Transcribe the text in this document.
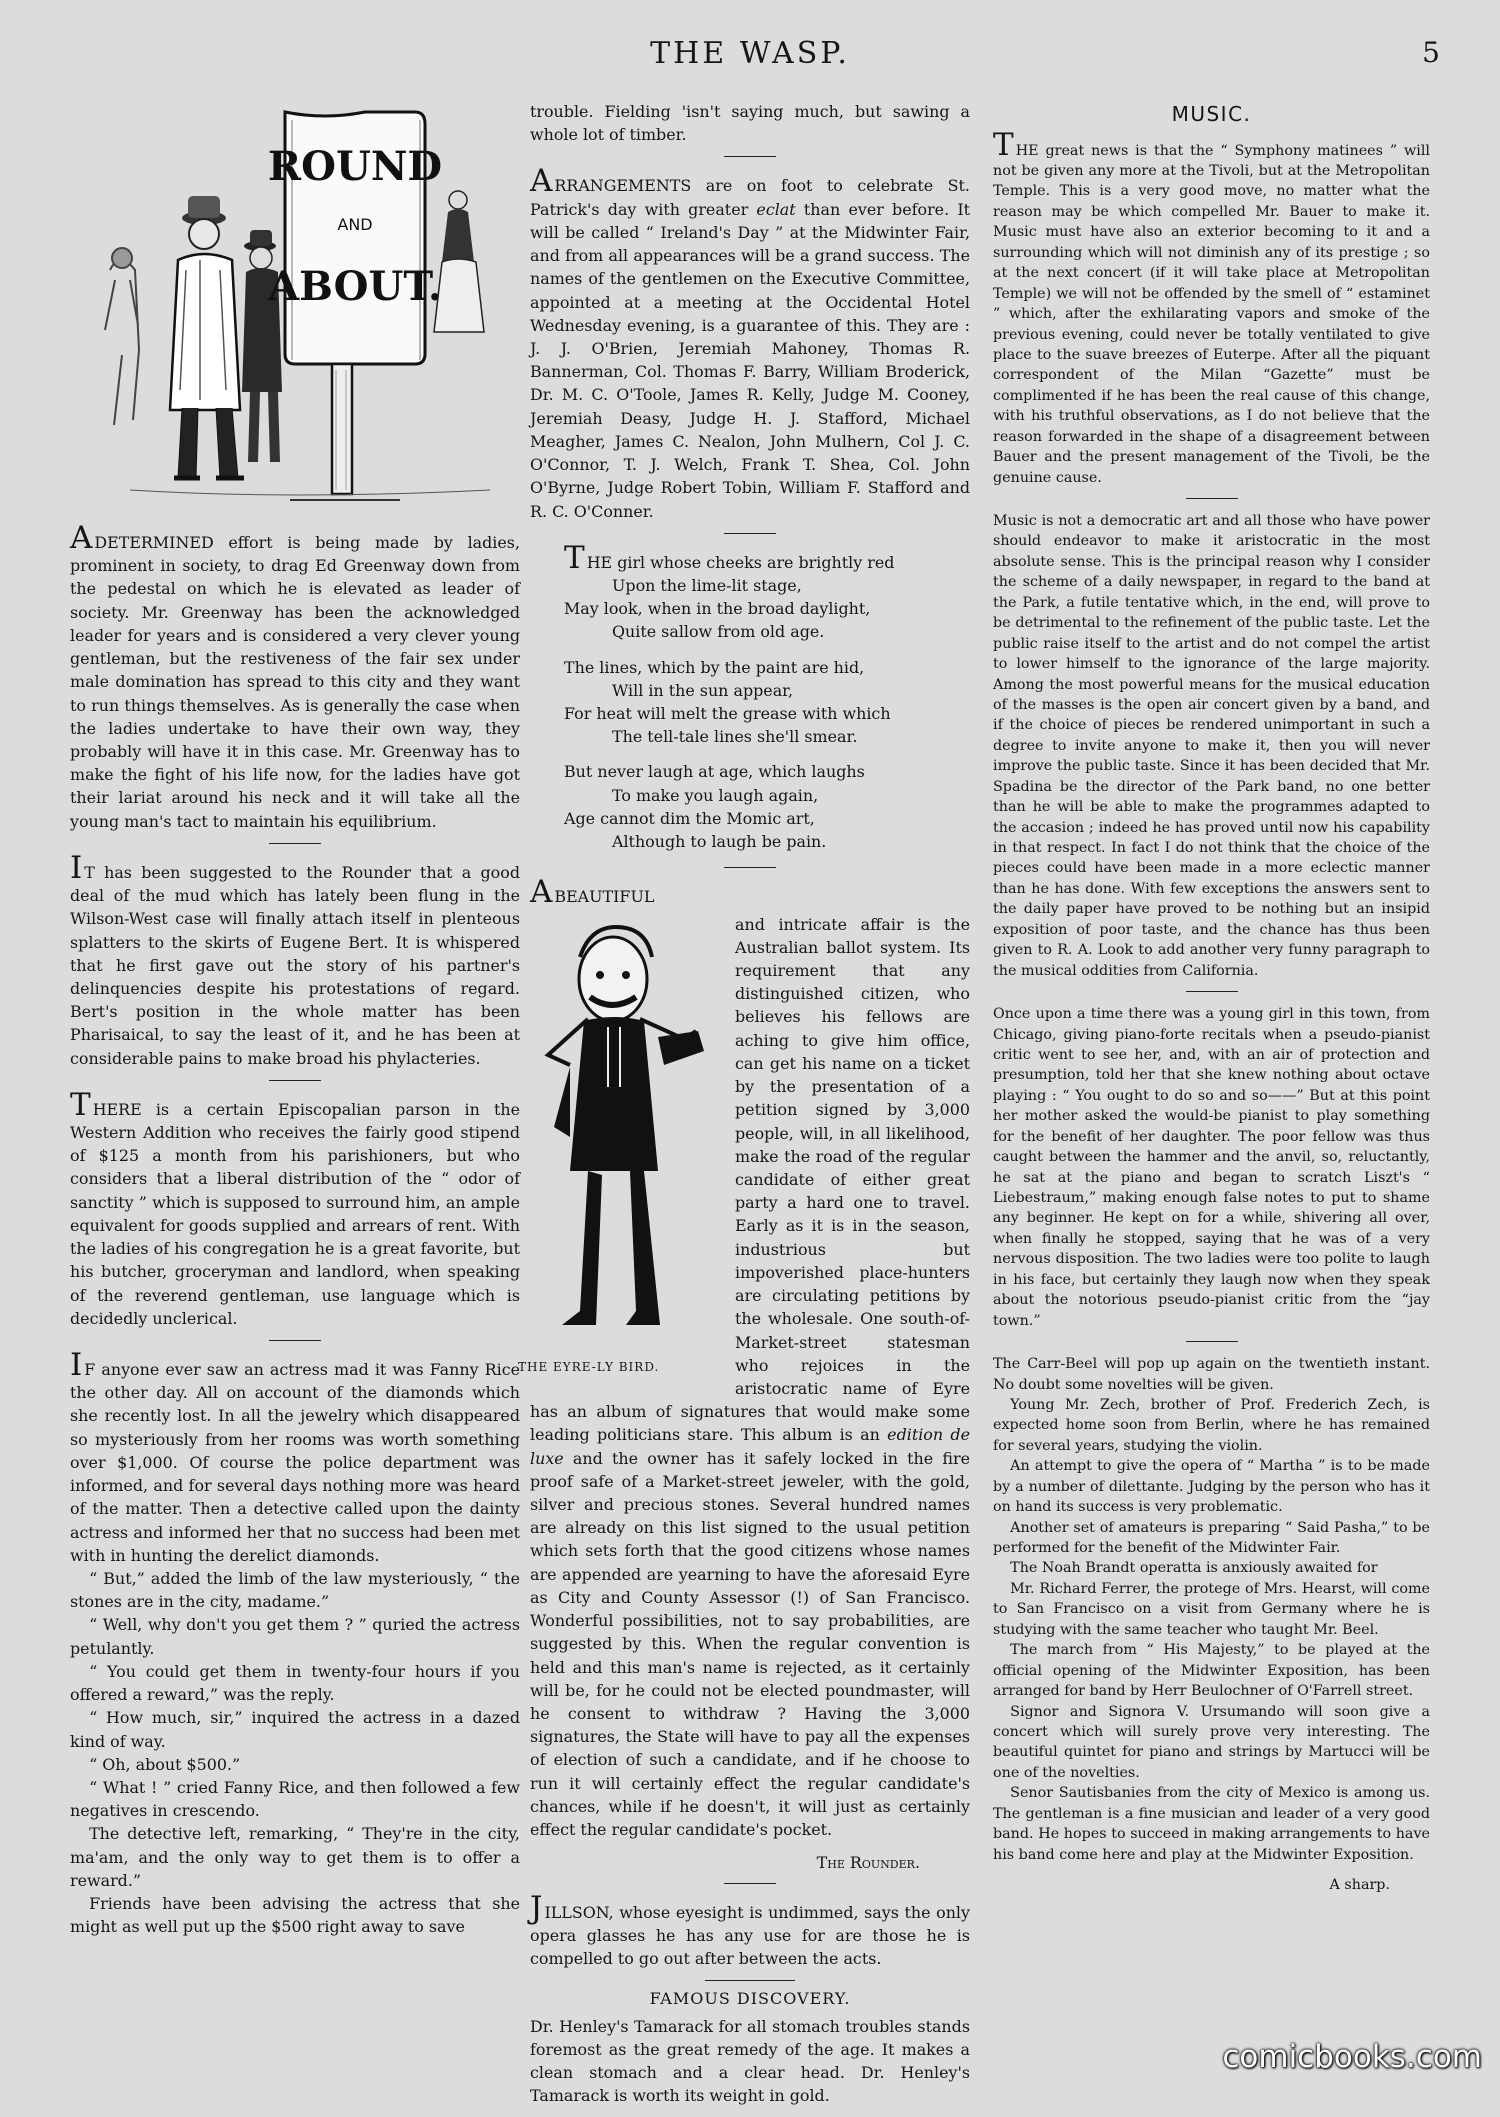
THE WASP.	5
ROUND
AND
ABOUT.

ADETERMINED effort is being made by ladies, prominent in society, to drag Ed Greenway down from the pedestal on which he is elevated as leader of society. Mr. Greenway has been the acknowledged leader for years and is considered a very clever young gentleman, but the restiveness of the fair sex under male domination has spread to this city and they want to run things themselves. As is generally the case when the ladies undertake to have their own way, they probably will have it in this case. Mr. Greenway has to make the fight of his life now, for the ladies have got their lariat around his neck and it will take all the young man's tact to maintain his equilibrium.

I T has been suggested to the Rounder that a good deal of the mud which has lately been flung in the Wilson-West case will finally attach itself in plenteous splatters to the skirts of Eugene Bert. It is whispered that he first gave out the story of his partner's delinquencies despite his protestations of regard. Bert's position in the whole matter has been Pharisaical, to say the least of it, and he has been at considerable pains to make broad his phylacteries.

THERE is a certain Episcopalian parson in the Western Addition who receives the fairly good stipend of $125 a month from his parishioners, but who considers that a liberal distribution of the “ odor of sanctity ” which is supposed to surround him, an ample equivalent for goods supplied and arrears of rent. With the ladies of his congregation he is a great favorite, but his butcher, groceryman and landlord, when speaking of the reverend gentleman, use language which is decidedly unclerical.

I F anyone ever saw an actress mad it was Fanny Rice the other day. All on account of the diamonds which she recently lost. In all the jewelry which disappeared so mysteriously from her rooms was worth something over $1,000. Of course the police department was informed, and for several days nothing more was heard of the matter. Then a detective called upon the dainty actress and informed her that no success had been met with in hunting the derelict diamonds.

“ But,” added the limb of the law mysteriously, “ the stones are in the city, madame.”

“ Well, why don't you get them ? ” quried the actress petulantly.

“ You could get them in twenty-four hours if you offered a reward,” was the reply.

“ How much, sir,” inquired the actress in a dazed kind of way.

“ Oh, about $500.”

“ What ! ” cried Fanny Rice, and then followed a few negatives in crescendo.

The detective left, remarking, “ They're in the city, ma'am, and the only way to get them is to offer a reward.”

Friends have been advising the actress that she might as well put up the $500 right away to save

trouble. Fielding 'isn't saying much, but sawing a whole lot of timber.

ARRANGEMENTS are on foot to celebrate St. Patrick's day with greater eclat than ever before. It will be called “ Ireland's Day ” at the Midwinter Fair, and from all appearances will be a grand success. The names of the gentlemen on the Executive Committee, appointed at a meeting at the Occidental Hotel Wednesday evening, is a guarantee of this. They are : J. J. O'Brien, Jeremiah Mahoney, Thomas R. Bannerman, Col. Thomas F. Barry, William Broderick, Dr. M. C. O'Toole, James R. Kelly, Judge M. Cooney, Jeremiah Deasy, Judge H. J. Stafford, Michael Meagher, James C. Nealon, John Mulhern, Col J. C. O'Connor, T. J. Welch, Frank T. Shea, Col. John O'Byrne, Judge Robert Tobin, William F. Stafford and R. C. O'Conner.

THE girl whose cheeks are brightly red
Upon the lime-lit stage,
May look, when in the broad daylight,
Quite sallow from old age.
The lines, which by the paint are hid,
Will in the sun appear,
For heat will melt the grease with which
The tell-tale lines she'll smear.
But never laugh at age, which laughs
To make you laugh again,
Age cannot dim the Momic art,
Although to laugh be pain.

ABEAUTIFUL

THE EYRE-LY BIRD.

and intricate affair is the Australian ballot system. Its requirement that any distinguished citizen, who believes his fellows are aching to give him office, can get his name on a ticket by the presentation of a petition signed by 3,000 people, will, in all likelihood, make the road of the regular candidate of either great party a hard one to travel. Early as it is in the season, industrious but impoverished place-hunters are circulating petitions by the wholesale. One south-of-Market-street statesman who rejoices in the aristocratic name of Eyre has an album of signatures that would make some leading politicians stare. This album is an edition de luxe and the owner has it safely locked in the fire proof safe of a Market-street jeweler, with the gold, silver and precious stones. Several hundred names are already on this list signed to the usual petition which sets forth that the good citizens whose names are appended are yearning to have the aforesaid Eyre as City and County Assessor (!) of San Francisco. Wonderful possibilities, not to say probabilities, are suggested by this. When the regular convention is held and this man's name is rejected, as it certainly will be, for he could not be elected poundmaster, will he consent to withdraw ? Having the 3,000 signatures, the State will have to pay all the expenses of election of such a candidate, and if he choose to run it will certainly effect the regular candidate's chances, while if he doesn't, it will just as certainly effect the regular candidate's pocket.

The Rounder.

JILLSON, whose eyesight is undimmed, says the only opera glasses he has any use for are those he is compelled to go out after between the acts.

FAMOUS DISCOVERY.

Dr. Henley's Tamarack for all stomach troubles stands foremost as the great remedy of the age. It makes a clean stomach and a clear head. Dr. Henley's Tamarack is worth its weight in gold.

MUSIC.

THE great news is that the “ Symphony matinees ” will not be given any more at the Tivoli, but at the Metropolitan Temple. This is a very good move, no matter what the reason may be which compelled Mr. Bauer to make it. Music must have also an exterior becoming to it and a surrounding which will not diminish any of its prestige ; so at the next concert (if it will take place at Metropolitan Temple) we will not be offended by the smell of “ estaminet ” which, after the exhilarating vapors and smoke of the previous evening, could never be totally ventilated to give place to the suave breezes of Euterpe. After all the piquant correspondent of the Milan “Gazette” must be complimented if he has been the real cause of this change, with his truthful observations, as I do not believe that the reason forwarded in the shape of a disagreement between Bauer and the present management of the Tivoli, be the genuine cause.

Music is not a democratic art and all those who have power should endeavor to make it aristocratic in the most absolute sense. This is the principal reason why I consider the scheme of a daily newspaper, in regard to the band at the Park, a futile tentative which, in the end, will prove to be detrimental to the refinement of the public taste. Let the public raise itself to the artist and do not compel the artist to lower himself to the ignorance of the large majority. Among the most powerful means for the musical education of the masses is the open air concert given by a band, and if the choice of pieces be rendered unimportant in such a degree to invite anyone to make it, then you will never improve the public taste. Since it has been decided that Mr. Spadina be the director of the Park band, no one better than he will be able to make the programmes adapted to the accasion ; indeed he has proved until now his capability in that respect. In fact I do not think that the choice of the pieces could have been made in a more eclectic manner than he has done. With few exceptions the answers sent to the daily paper have proved to be nothing but an insipid exposition of poor taste, and the chance has thus been given to R. A. Look to add another very funny paragraph to the musical oddities from California.

Once upon a time there was a young girl in this town, from Chicago, giving piano-forte recitals when a pseudo-pianist critic went to see her, and, with an air of protection and presumption, told her that she knew nothing about octave playing : “ You ought to do so and so——” But at this point her mother asked the would-be pianist to play something for the benefit of her daughter. The poor fellow was thus caught between the hammer and the anvil, so, reluctantly, he sat at the piano and began to scratch Liszt's “ Liebestraum,” making enough false notes to put to shame any beginner. He kept on for a while, shivering all over, when finally he stopped, saying that he was of a very nervous disposition. The two ladies were too polite to laugh in his face, but certainly they laugh now when they speak about the notorious pseudo-pianist critic from the “jay town.”

The Carr-Beel will pop up again on the twentieth instant. No doubt some novelties will be given.

Young Mr. Zech, brother of Prof. Frederich Zech, is expected home soon from Berlin, where he has remained for several years, studying the violin.

An attempt to give the opera of “ Martha ” is to be made by a number of dilettante. Judging by the person who has it on hand its success is very problematic.

Another set of amateurs is preparing “ Said Pasha,” to be performed for the benefit of the Midwinter Fair.

The Noah Brandt operatta is anxiously awaited for

Mr. Richard Ferrer, the protege of Mrs. Hearst, will come to San Francisco on a visit from Germany where he is studying with the same teacher who taught Mr. Beel.

The march from “ His Majesty,” to be played at the official opening of the Midwinter Exposition, has been arranged for band by Herr Beulochner of O'Farrell street.

Signor and Signora V. Ursumando will soon give a concert which will surely prove very interesting. The beautiful quintet for piano and strings by Martucci will be one of the novelties.

Senor Sautisbanies from the city of Mexico is among us. The gentleman is a fine musician and leader of a very good band. He hopes to succeed in making arrangements to have his band come here and play at the Midwinter Exposition.

A sharp.
comicbooks.com
